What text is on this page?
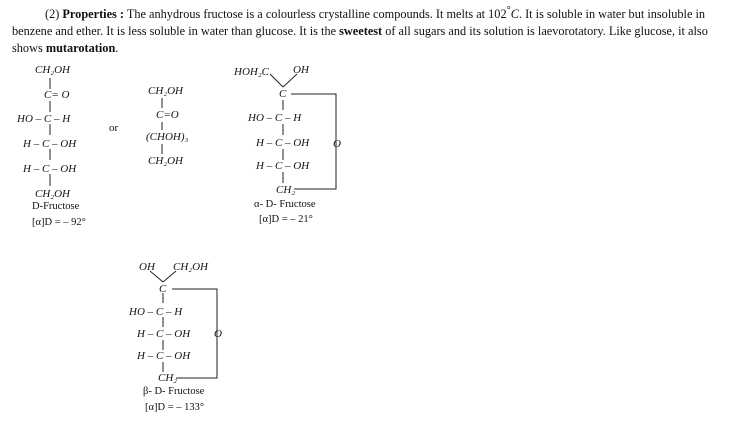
(2) Properties : The anhydrous fructose is a colourless crystalline compounds. It melts at 102°C. It is soluble in water but insoluble in benzene and ether. It is less soluble in water than glucose. It is the sweetest of all sugars and its solution is laevorotatory. Like glucose, it also shows mutarotation.
CH₂OH
C= O
HO – C – H
H – C – OH
H – C – OH
CH₂OH
D-Fructose
[α]D = – 92°
or
CH₂OH
C=O
(CHOH)₃
CH₂OH
HOH₂C OH
C
HO – C – H
H – C – OH
H – C – OH
CH₂
O
α- D- Fructose
[α]D = – 21°
OH CH₂OH
C
HO – C – H
H – C – OH
H – C – OH
CH₂
O
β- D- Fructose
[α]D = – 133°
